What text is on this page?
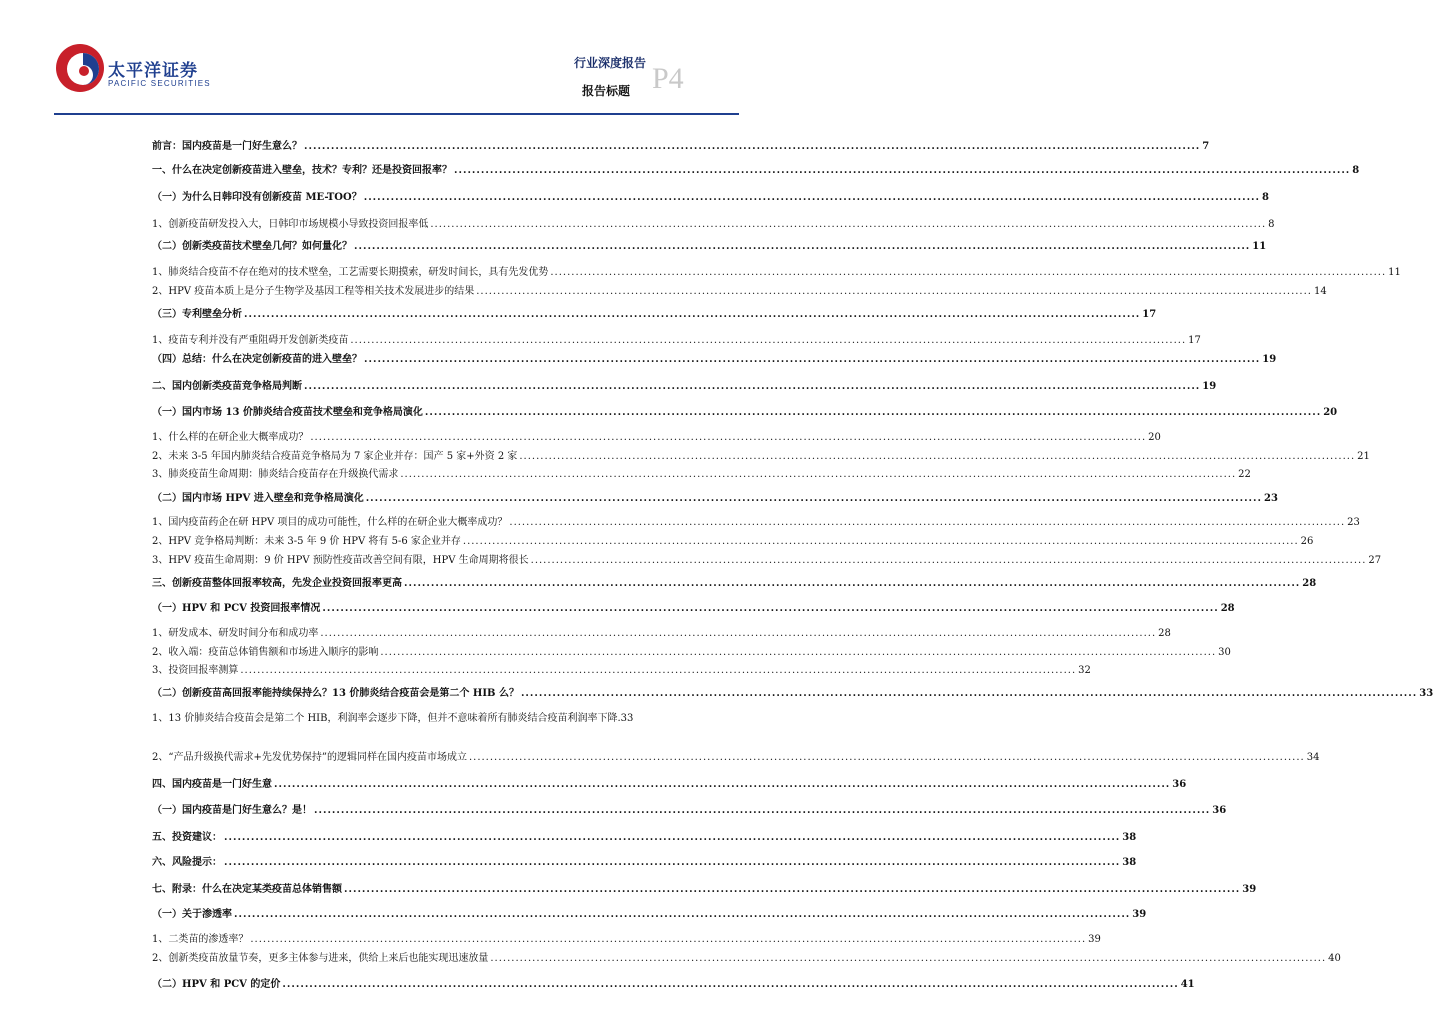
太平洋证券
PACIFIC SECURITIES
行业深度报告
报告标题 P4
前言：国内疫苗是一门好生意么？ ........................................................................................................................................................................................................ 7
一、什么在决定创新疫苗进入壁垒，技术？专利？还是投资回报率？ ........................................................................................................................................................................................................ 8
（一）为什么日韩印没有创新疫苗 ME-TOO？ ........................................................................................................................................................................................................ 8
1、创新疫苗研发投入大，日韩印市场规模小导致投资回报率低 ........................................................................................................................................................................................................ 8
（二）创新类疫苗技术壁垒几何？如何量化？ ........................................................................................................................................................................................................ 11
1、肺炎结合疫苗不存在绝对的技术壁垒，工艺需要长期摸索，研发时间长，具有先发优势 ........................................................................................................................................................................................................ 11
2、HPV 疫苗本质上是分子生物学及基因工程等相关技术发展进步的结果 ........................................................................................................................................................................................................ 14
（三）专利壁垒分析 ........................................................................................................................................................................................................ 17
1、疫苗专利并没有严重阻碍开发创新类疫苗 ........................................................................................................................................................................................................ 17
（四）总结：什么在决定创新疫苗的进入壁垒？ ........................................................................................................................................................................................................ 19
二、国内创新类疫苗竞争格局判断 ........................................................................................................................................................................................................ 19
（一）国内市场 13 价肺炎结合疫苗技术壁垒和竞争格局演化 ........................................................................................................................................................................................................ 20
1、什么样的在研企业大概率成功？ ........................................................................................................................................................................................................ 20
2、未来 3-5 年国内肺炎结合疫苗竞争格局为 7 家企业并存：国产 5 家+外资 2 家 ........................................................................................................................................................................................................ 21
3、肺炎疫苗生命周期：肺炎结合疫苗存在升级换代需求 ........................................................................................................................................................................................................ 22
（二）国内市场 HPV 进入壁垒和竞争格局演化 ........................................................................................................................................................................................................ 23
1、国内疫苗药企在研 HPV 项目的成功可能性，什么样的在研企业大概率成功？ ........................................................................................................................................................................................................ 23
2、HPV 竞争格局判断：未来 3-5 年 9 价 HPV 将有 5-6 家企业并存 ........................................................................................................................................................................................................ 26
3、HPV 疫苗生命周期：9 价 HPV 预防性疫苗改善空间有限，HPV 生命周期将很长 ........................................................................................................................................................................................................ 27
三、创新疫苗整体回报率较高，先发企业投资回报率更高 ........................................................................................................................................................................................................ 28
（一）HPV 和 PCV 投资回报率情况 ........................................................................................................................................................................................................ 28
1、研发成本、研发时间分布和成功率 ........................................................................................................................................................................................................ 28
2、收入端：疫苗总体销售额和市场进入顺序的影响 ........................................................................................................................................................................................................ 30
3、投资回报率测算 ........................................................................................................................................................................................................ 32
（二）创新疫苗高回报率能持续保持么？13 价肺炎结合疫苗会是第二个 HIB 么？ ........................................................................................................................................................................................................ 33
1、13 价肺炎结合疫苗会是第二个 HIB，利润率会逐步下降，但并不意味着所有肺炎结合疫苗利润率下降. 33
2、“产品升级换代需求+先发优势保持”的逻辑同样在国内疫苗市场成立 ........................................................................................................................................................................................................ 34
四、国内疫苗是一门好生意 ........................................................................................................................................................................................................ 36
（一）国内疫苗是门好生意么？是！ ........................................................................................................................................................................................................ 36
五、投资建议： ........................................................................................................................................................................................................ 38
六、风险提示： ........................................................................................................................................................................................................ 38
七、附录：什么在决定某类疫苗总体销售额 ........................................................................................................................................................................................................ 39
（一）关于渗透率 ........................................................................................................................................................................................................ 39
1、二类苗的渗透率？ ........................................................................................................................................................................................................ 39
2、创新类疫苗放量节奏，更多主体参与进来，供给上来后也能实现迅速放量 ........................................................................................................................................................................................................ 40
（二）HPV 和 PCV 的定价 ........................................................................................................................................................................................................ 41
